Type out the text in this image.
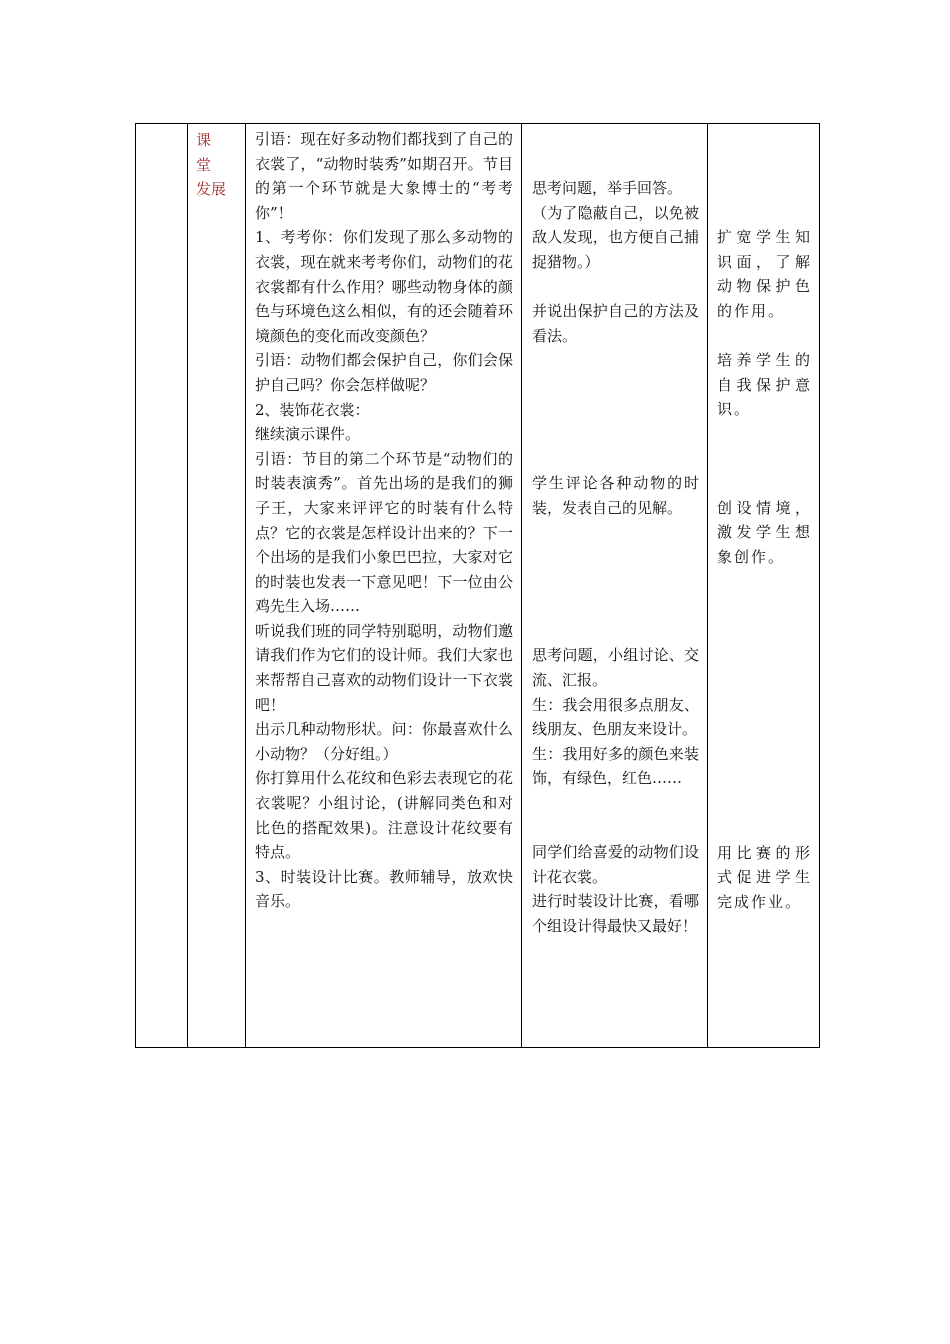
课 堂
发展

引语：现在好多动物们都找到了自己的衣裳了，“动物时装秀”如期召开。节目的第一个环节就是大象博士的“考考你”！
1、考考你：你们发现了那么多动物的衣裳，现在就来考考你们，动物们的花衣裳都有什么作用？哪些动物身体的颜色与环境色这么相似，有的还会随着环境颜色的变化而改变颜色？
引语：动物们都会保护自己，你们会保护自己吗？你会怎样做呢？
2、装饰花衣裳：
继续演示课件。
引语：节目的第二个环节是“动物们的时装表演秀”。首先出场的是我们的狮子王，大家来评评它的时装有什么特点？它的衣裳是怎样设计出来的？下一个出场的是我们小象巴巴拉，大家对它的时装也发表一下意见吧！下一位由公鸡先生入场……
听说我们班的同学特别聪明，动物们邀请我们作为它们的设计师。我们大家也来帮帮自己喜欢的动物们设计一下衣裳吧！
出示几种动物形状。问：你最喜欢什么小动物？（分好组。）
你打算用什么花纹和色彩去表现它的花衣裳呢？小组讨论，(讲解同类色和对比色的搭配效果)。注意设计花纹要有特点。
3、时装设计比赛。教师辅导，放欢快音乐。

思考问题，举手回答。
（为了隐蔽自己，以免被敌人发现，也方便自己捕捉猎物。）
并说出保护自己的方法及看法。
学生评论各种动物的时装，发表自己的见解。
思考问题，小组讨论、交流、汇报。
生：我会用很多点朋友、线朋友、色朋友来设计。
生：我用好多的颜色来装饰，有绿色，红色……
同学们给喜爱的动物们设计花衣裳。
进行时装设计比赛，看哪个组设计得最快又最好！

扩宽学生知识面，了解动物保护色的作用。
培养学生的自我保护意识。
创设情境，激发学生想象创作。
用比赛的形式促进学生完成作业。
